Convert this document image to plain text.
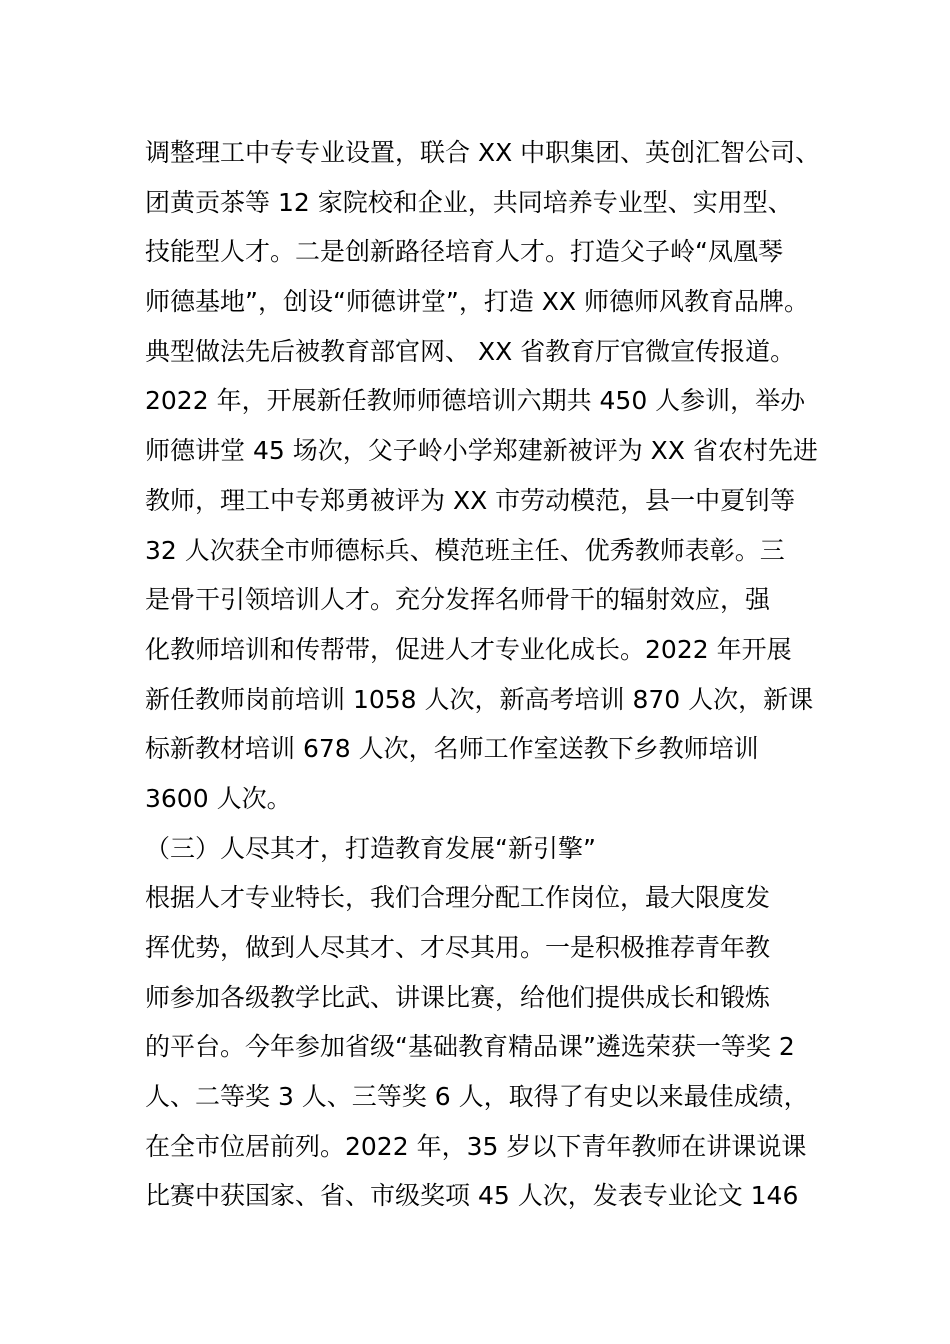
调整理工中专专业设置，联合 XX 中职集团、英创汇智公司、
团黄贡茶等 12 家院校和企业，共同培养专业型、实用型、
技能型人才。二是创新路径培育人才。打造父子岭“凤凰琴
师德基地”，创设“师德讲堂”，打造 XX 师德师风教育品牌。
典型做法先后被教育部官网、 XX 省教育厅官微宣传报道。
2022 年，开展新任教师师德培训六期共 450 人参训，举办
师德讲堂 45 场次，父子岭小学郑建新被评为 XX 省农村先进
教师，理工中专郑勇被评为 XX 市劳动模范，县一中夏钊等
32 人次获全市师德标兵、模范班主任、优秀教师表彰。三
是骨干引领培训人才。充分发挥名师骨干的辐射效应，强
化教师培训和传帮带，促进人才专业化成长。2022 年开展
新任教师岗前培训 1058 人次，新高考培训 870 人次，新课
标新教材培训 678 人次，名师工作室送教下乡教师培训
3600 人次。
（三）人尽其才，打造教育发展“新引擎”
根据人才专业特长，我们合理分配工作岗位，最大限度发
挥优势，做到人尽其才、才尽其用。一是积极推荐青年教
师参加各级教学比武、讲课比赛，给他们提供成长和锻炼
的平台。今年参加省级“基础教育精品课”遴选荣获一等奖 2
人、二等奖 3 人、三等奖 6 人，取得了有史以来最佳成绩，
在全市位居前列。2022 年，35 岁以下青年教师在讲课说课
比赛中获国家、省、市级奖项 45 人次，发表专业论文 146
